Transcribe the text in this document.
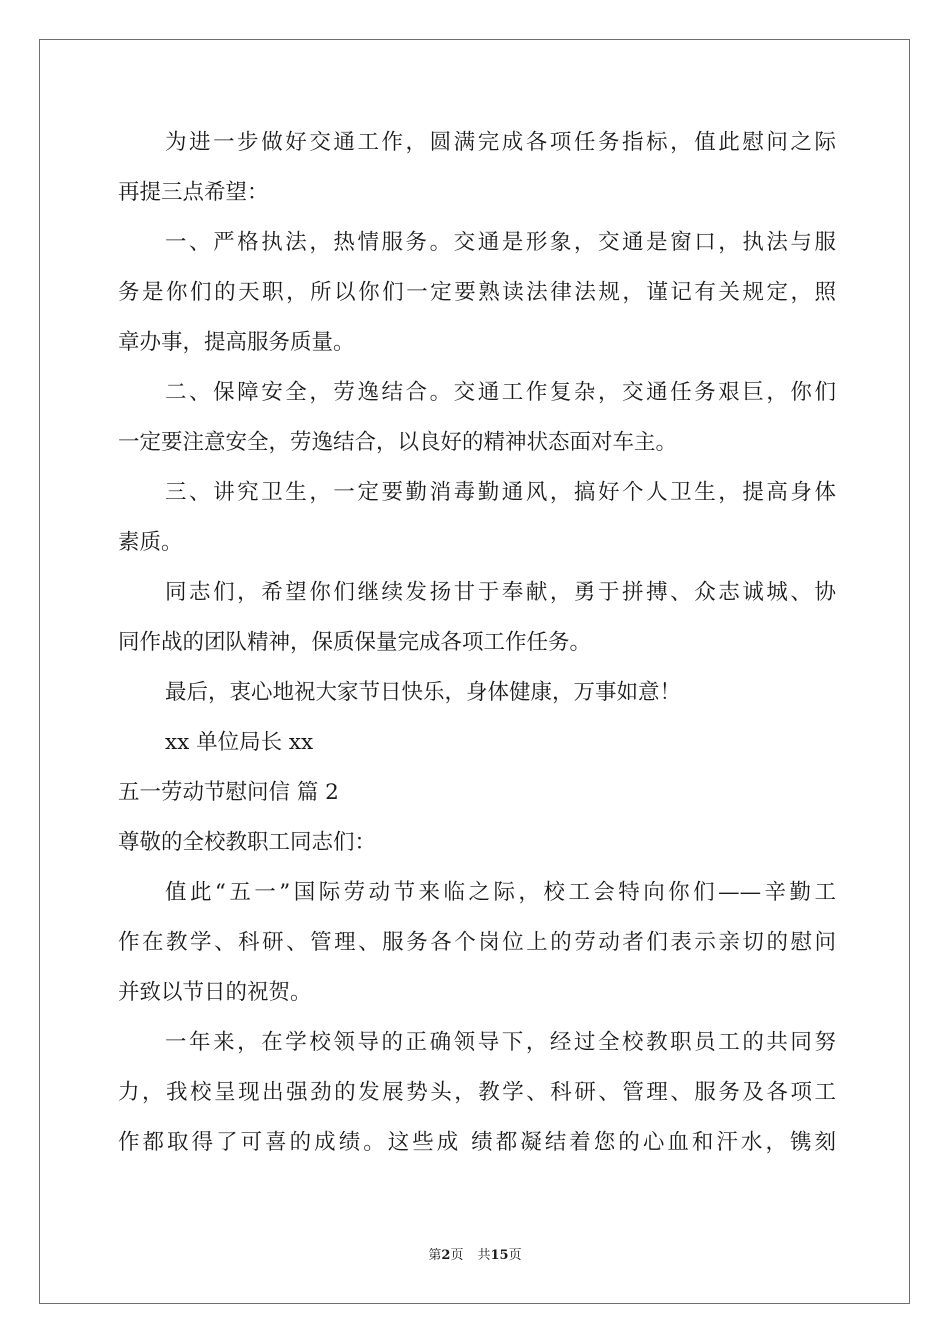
为进一步做好交通工作，圆满完成各项任务指标，值此慰问之际
再提三点希望：
一、严格执法，热情服务。交通是形象，交通是窗口，执法与服
务是你们的天职，所以你们一定要熟读法律法规，谨记有关规定，照
章办事，提高服务质量。
二、保障安全，劳逸结合。交通工作复杂，交通任务艰巨，你们
一定要注意安全，劳逸结合，以良好的精神状态面对车主。
三、讲究卫生，一定要勤消毒勤通风，搞好个人卫生，提高身体
素质。
同志们，希望你们继续发扬甘于奉献，勇于拼搏、众志诚城、协
同作战的团队精神，保质保量完成各项工作任务。
最后，衷心地祝大家节日快乐，身体健康，万事如意！
xx 单位局长 xx
五一劳动节慰问信 篇 2
尊敬的全校教职工同志们：
值此“五一”国际劳动节来临之际，校工会特向你们——辛勤工
作在教学、科研、管理、服务各个岗位上的劳动者们表示亲切的慰问
并致以节日的祝贺。
一年来，在学校领导的正确领导下，经过全校教职员工的共同努
力，我校呈现出强劲的发展势头，教学、科研、管理、服务及各项工
作都取得了可喜的成绩。这些成 绩都凝结着您的心血和汗水，镌刻
第2页 共15页
